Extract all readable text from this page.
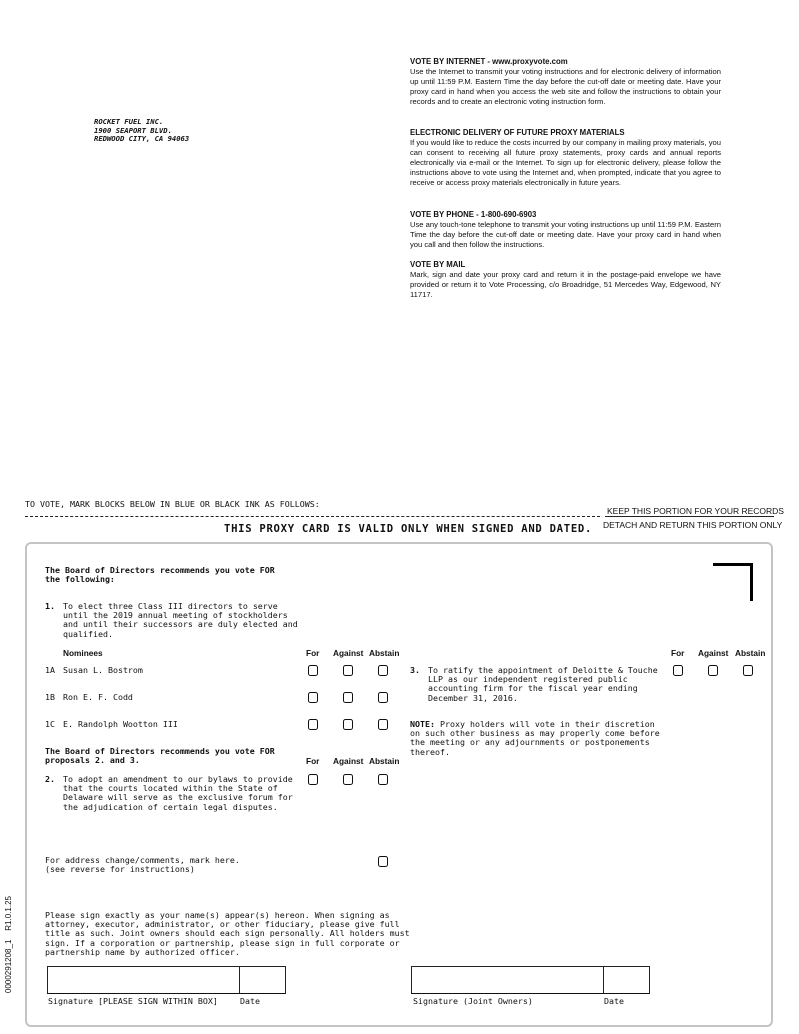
ROCKET FUEL INC.
1900 SEAPORT BLVD.
REDWOOD CITY, CA 94063
VOTE BY INTERNET - www.proxyvote.com

Use the Internet to transmit your voting instructions and for electronic delivery of information up until 11:59 P.M. Eastern Time the day before the cut-off date or meeting date. Have your proxy card in hand when you access the web site and follow the instructions to obtain your records and to create an electronic voting instruction form.

ELECTRONIC DELIVERY OF FUTURE PROXY MATERIALS

If you would like to reduce the costs incurred by our company in mailing proxy materials, you can consent to receiving all future proxy statements, proxy cards and annual reports electronically via e-mail or the Internet. To sign up for electronic delivery, please follow the instructions above to vote using the Internet and, when prompted, indicate that you agree to receive or access proxy materials electronically in future years.

VOTE BY PHONE - 1-800-690-6903

Use any touch-tone telephone to transmit your voting instructions up until 11:59 P.M. Eastern Time the day before the cut-off date or meeting date. Have your proxy card in hand when you call and then follow the instructions.

VOTE BY MAIL

Mark, sign and date your proxy card and return it in the postage-paid envelope we have provided or return it to Vote Processing, c/o Broadridge, 51 Mercedes Way, Edgewood, NY 11717.

TO VOTE, MARK BLOCKS BELOW IN BLUE OR BLACK INK AS FOLLOWS:
KEEP THIS PORTION FOR YOUR RECORDS
DETACH AND RETURN THIS PORTION ONLY
THIS PROXY CARD IS VALID ONLY WHEN SIGNED AND DATED.
The Board of Directors recommends you vote FOR
the following:
1. To elect three Class III directors to serve
until the 2019 annual meeting of stockholders
and until their successors are duly elected and
qualified.
Nominees	For Against Abstain
1A Susan L. Bostrom
1B Ron E. F. Codd
1C E. Randolph Wootton III
The Board of Directors recommends you vote FOR
proposals 2. and 3.	For Against Abstain
2. To adopt an amendment to our bylaws to provide
that the courts located within the State of
Delaware will serve as the exclusive forum for
the adjudication of certain legal disputes.
For Against Abstain
3. To ratify the appointment of Deloitte & Touche
LLP as our independent registered public
accounting firm for the fiscal year ending
December 31, 2016.
NOTE: Proxy holders will vote in their discretion
on such other business as may properly come before
the meeting or any adjournments or postponements
thereof.
For address change/comments, mark here.
(see reverse for instructions)
Please sign exactly as your name(s) appear(s) hereon. When signing as
attorney, executor, administrator, or other fiduciary, please give full
title as such. Joint owners should each sign personally. All holders must
sign. If a corporation or partnership, please sign in full corporate or
partnership name by authorized officer.
Signature [PLEASE SIGN WITHIN BOX]	Date	Signature (Joint Owners)	Date
0000291208_1    R1.0.1.25
